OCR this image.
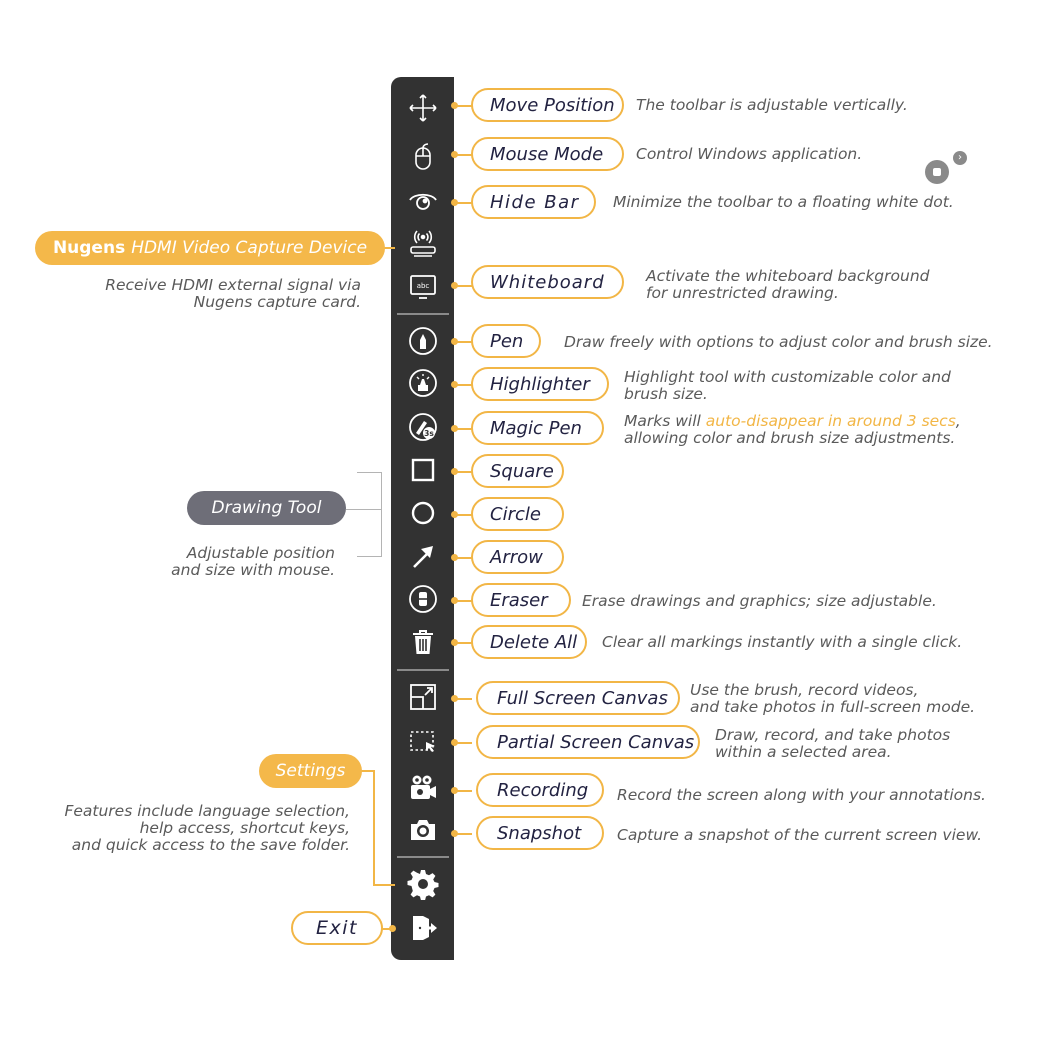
abc
3s
Move Position
Mouse Mode
Hide Bar
Whiteboard
Pen
Highlighter
Magic Pen
Square
Circle
Arrow
Eraser
Delete All
Full Screen Canvas
Partial Screen Canvas
Recording
Snapshot
Exit
The toolbar is adjustable vertically.
Control Windows application.
Minimize the toolbar to a floating white dot.
Activate the whiteboard background
for unrestricted drawing.
Draw freely with options to adjust color and brush size.
Highlight tool with customizable color and
brush size.
Marks will auto-disappear in around 3 secs,
allowing color and brush size adjustments.
Erase drawings and graphics; size adjustable.
Clear all markings instantly with a single click.
Use the brush, record videos,
and take photos in full-screen mode.
Draw, record, and take photos
within a selected area.
Record the screen along with your annotations.
Capture a snapshot of the current screen view.
›
Nugens HDMI Video Capture Device
Receive HDMI external signal via
Nugens capture card.
Drawing Tool
Adjustable position
and size with mouse.
Settings
Features include language selection,
help access, shortcut keys,
and quick access to the save folder.
